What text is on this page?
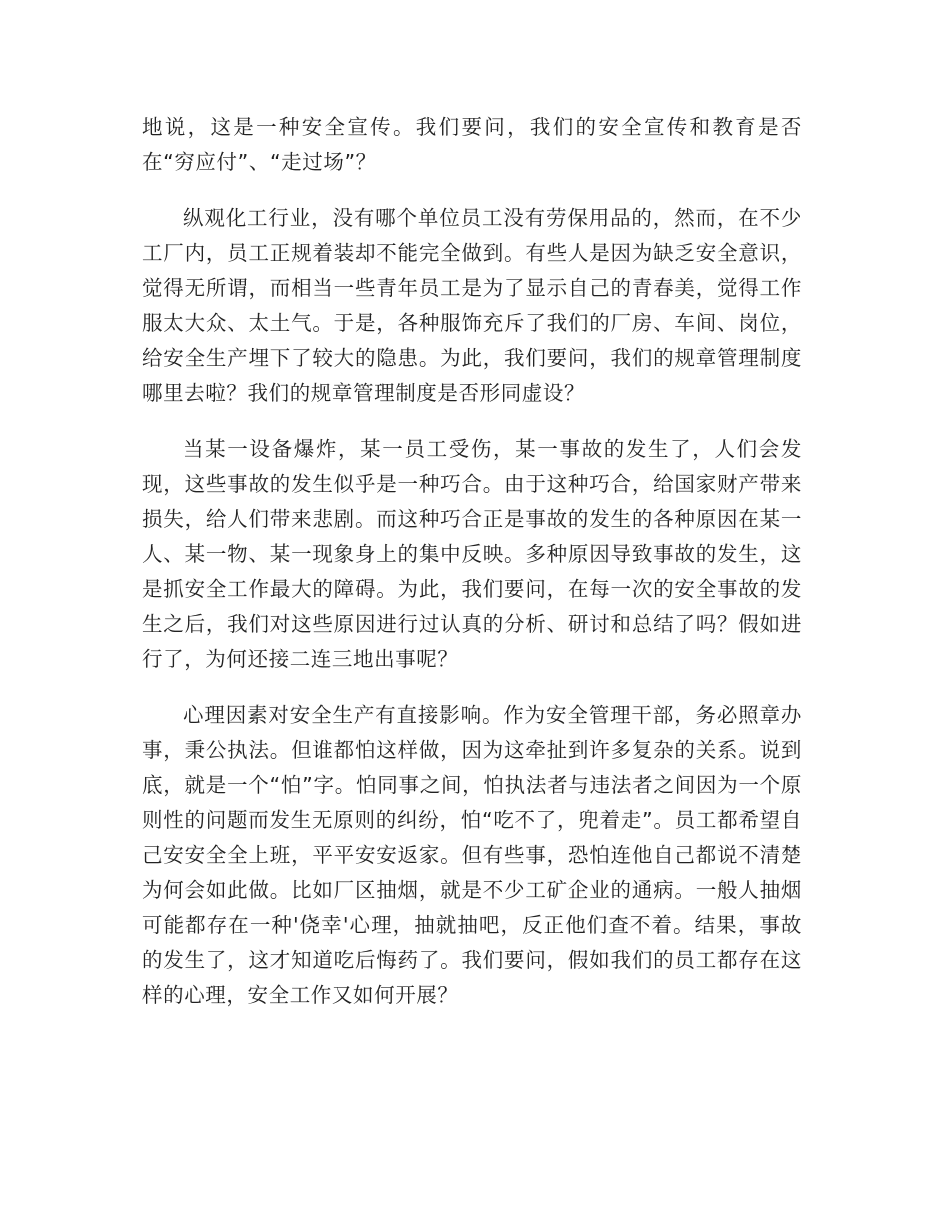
地说，这是一种安全宣传。我们要问，我们的安全宣传和教育是否在“穷应付”、“走过场”？

纵观化工行业，没有哪个单位员工没有劳保用品的，然而，在不少工厂内，员工正规着装却不能完全做到。有些人是因为缺乏安全意识，觉得无所谓，而相当一些青年员工是为了显示自己的青春美，觉得工作服太大众、太土气。于是，各种服饰充斥了我们的厂房、车间、岗位，给安全生产埋下了较大的隐患。为此，我们要问，我们的规章管理制度哪里去啦？我们的规章管理制度是否形同虚设？

当某一设备爆炸，某一员工受伤，某一事故的发生了，人们会发现，这些事故的发生似乎是一种巧合。由于这种巧合，给国家财产带来损失，给人们带来悲剧。而这种巧合正是事故的发生的各种原因在某一人、某一物、某一现象身上的集中反映。多种原因导致事故的发生，这是抓安全工作最大的障碍。为此，我们要问，在每一次的安全事故的发生之后，我们对这些原因进行过认真的分析、研讨和总结了吗？假如进行了，为何还接二连三地出事呢？

心理因素对安全生产有直接影响。作为安全管理干部，务必照章办事，秉公执法。但谁都怕这样做，因为这牵扯到许多复杂的关系。说到底，就是一个“怕”字。怕同事之间，怕执法者与违法者之间因为一个原则性的问题而发生无原则的纠纷，怕“吃不了，兜着走”。员工都希望自己安安全全上班，平平安安返家。但有些事，恐怕连他自己都说不清楚为何会如此做。比如厂区抽烟，就是不少工矿企业的通病。一般人抽烟可能都存在一种'侥幸'心理，抽就抽吧，反正他们查不着。结果，事故的发生了，这才知道吃后悔药了。我们要问，假如我们的员工都存在这样的心理，安全工作又如何开展？
